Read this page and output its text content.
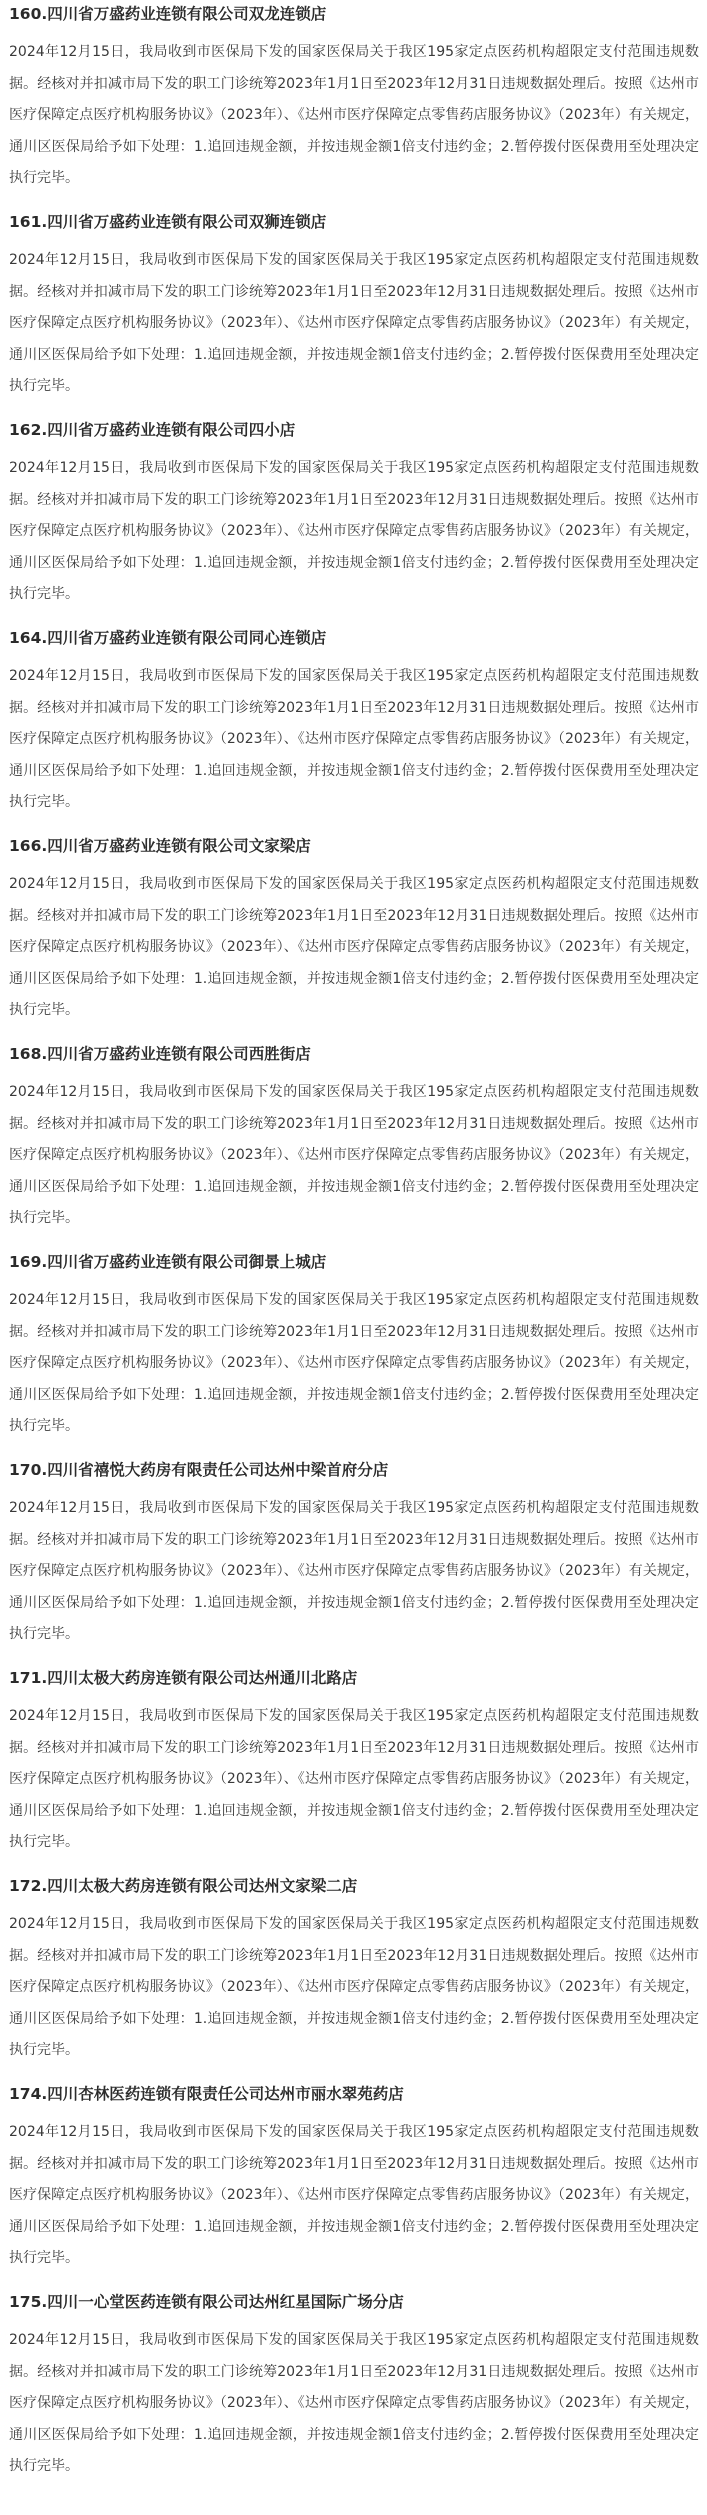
160.四川省万盛药业连锁有限公司双龙连锁店

2024年12月15日，我局收到市医保局下发的国家医保局关于我区195家定点医药机构超限定支付范围违规数据。经核对并扣减市局下发的职工门诊统筹2023年1月1日至2023年12月31日违规数据处理后。按照《达州市医疗保障定点医疗机构服务协议》（2023年）、《达州市医疗保障定点零售药店服务协议》（2023年）有关规定，通川区医保局给予如下处理：1.追回违规金额，并按违规金额1倍支付违约金；2.暂停拨付医保费用至处理决定执行完毕。

161.四川省万盛药业连锁有限公司双狮连锁店

2024年12月15日，我局收到市医保局下发的国家医保局关于我区195家定点医药机构超限定支付范围违规数据。经核对并扣减市局下发的职工门诊统筹2023年1月1日至2023年12月31日违规数据处理后。按照《达州市医疗保障定点医疗机构服务协议》（2023年）、《达州市医疗保障定点零售药店服务协议》（2023年）有关规定，通川区医保局给予如下处理：1.追回违规金额，并按违规金额1倍支付违约金；2.暂停拨付医保费用至处理决定执行完毕。

162.四川省万盛药业连锁有限公司四小店

2024年12月15日，我局收到市医保局下发的国家医保局关于我区195家定点医药机构超限定支付范围违规数据。经核对并扣减市局下发的职工门诊统筹2023年1月1日至2023年12月31日违规数据处理后。按照《达州市医疗保障定点医疗机构服务协议》（2023年）、《达州市医疗保障定点零售药店服务协议》（2023年）有关规定，通川区医保局给予如下处理：1.追回违规金额，并按违规金额1倍支付违约金；2.暂停拨付医保费用至处理决定执行完毕。

164.四川省万盛药业连锁有限公司同心连锁店

2024年12月15日，我局收到市医保局下发的国家医保局关于我区195家定点医药机构超限定支付范围违规数据。经核对并扣减市局下发的职工门诊统筹2023年1月1日至2023年12月31日违规数据处理后。按照《达州市医疗保障定点医疗机构服务协议》（2023年）、《达州市医疗保障定点零售药店服务协议》（2023年）有关规定，通川区医保局给予如下处理：1.追回违规金额，并按违规金额1倍支付违约金；2.暂停拨付医保费用至处理决定执行完毕。

166.四川省万盛药业连锁有限公司文家梁店

2024年12月15日，我局收到市医保局下发的国家医保局关于我区195家定点医药机构超限定支付范围违规数据。经核对并扣减市局下发的职工门诊统筹2023年1月1日至2023年12月31日违规数据处理后。按照《达州市医疗保障定点医疗机构服务协议》（2023年）、《达州市医疗保障定点零售药店服务协议》（2023年）有关规定，通川区医保局给予如下处理：1.追回违规金额，并按违规金额1倍支付违约金；2.暂停拨付医保费用至处理决定执行完毕。

168.四川省万盛药业连锁有限公司西胜街店

2024年12月15日，我局收到市医保局下发的国家医保局关于我区195家定点医药机构超限定支付范围违规数据。经核对并扣减市局下发的职工门诊统筹2023年1月1日至2023年12月31日违规数据处理后。按照《达州市医疗保障定点医疗机构服务协议》（2023年）、《达州市医疗保障定点零售药店服务协议》（2023年）有关规定，通川区医保局给予如下处理：1.追回违规金额，并按违规金额1倍支付违约金；2.暂停拨付医保费用至处理决定执行完毕。

169.四川省万盛药业连锁有限公司御景上城店

2024年12月15日，我局收到市医保局下发的国家医保局关于我区195家定点医药机构超限定支付范围违规数据。经核对并扣减市局下发的职工门诊统筹2023年1月1日至2023年12月31日违规数据处理后。按照《达州市医疗保障定点医疗机构服务协议》（2023年）、《达州市医疗保障定点零售药店服务协议》（2023年）有关规定，通川区医保局给予如下处理：1.追回违规金额，并按违规金额1倍支付违约金；2.暂停拨付医保费用至处理决定执行完毕。

170.四川省禧悦大药房有限责任公司达州中梁首府分店

2024年12月15日，我局收到市医保局下发的国家医保局关于我区195家定点医药机构超限定支付范围违规数据。经核对并扣减市局下发的职工门诊统筹2023年1月1日至2023年12月31日违规数据处理后。按照《达州市医疗保障定点医疗机构服务协议》（2023年）、《达州市医疗保障定点零售药店服务协议》（2023年）有关规定，通川区医保局给予如下处理：1.追回违规金额，并按违规金额1倍支付违约金；2.暂停拨付医保费用至处理决定执行完毕。

171.四川太极大药房连锁有限公司达州通川北路店

2024年12月15日，我局收到市医保局下发的国家医保局关于我区195家定点医药机构超限定支付范围违规数据。经核对并扣减市局下发的职工门诊统筹2023年1月1日至2023年12月31日违规数据处理后。按照《达州市医疗保障定点医疗机构服务协议》（2023年）、《达州市医疗保障定点零售药店服务协议》（2023年）有关规定，通川区医保局给予如下处理：1.追回违规金额，并按违规金额1倍支付违约金；2.暂停拨付医保费用至处理决定执行完毕。

172.四川太极大药房连锁有限公司达州文家梁二店

2024年12月15日，我局收到市医保局下发的国家医保局关于我区195家定点医药机构超限定支付范围违规数据。经核对并扣减市局下发的职工门诊统筹2023年1月1日至2023年12月31日违规数据处理后。按照《达州市医疗保障定点医疗机构服务协议》（2023年）、《达州市医疗保障定点零售药店服务协议》（2023年）有关规定，通川区医保局给予如下处理：1.追回违规金额，并按违规金额1倍支付违约金；2.暂停拨付医保费用至处理决定执行完毕。

174.四川杏林医药连锁有限责任公司达州市丽水翠苑药店

2024年12月15日，我局收到市医保局下发的国家医保局关于我区195家定点医药机构超限定支付范围违规数据。经核对并扣减市局下发的职工门诊统筹2023年1月1日至2023年12月31日违规数据处理后。按照《达州市医疗保障定点医疗机构服务协议》（2023年）、《达州市医疗保障定点零售药店服务协议》（2023年）有关规定，通川区医保局给予如下处理：1.追回违规金额，并按违规金额1倍支付违约金；2.暂停拨付医保费用至处理决定执行完毕。

175.四川一心堂医药连锁有限公司达州红星国际广场分店

2024年12月15日，我局收到市医保局下发的国家医保局关于我区195家定点医药机构超限定支付范围违规数据。经核对并扣减市局下发的职工门诊统筹2023年1月1日至2023年12月31日违规数据处理后。按照《达州市医疗保障定点医疗机构服务协议》（2023年）、《达州市医疗保障定点零售药店服务协议》（2023年）有关规定，通川区医保局给予如下处理：1.追回违规金额，并按违规金额1倍支付违约金；2.暂停拨付医保费用至处理决定执行完毕。
